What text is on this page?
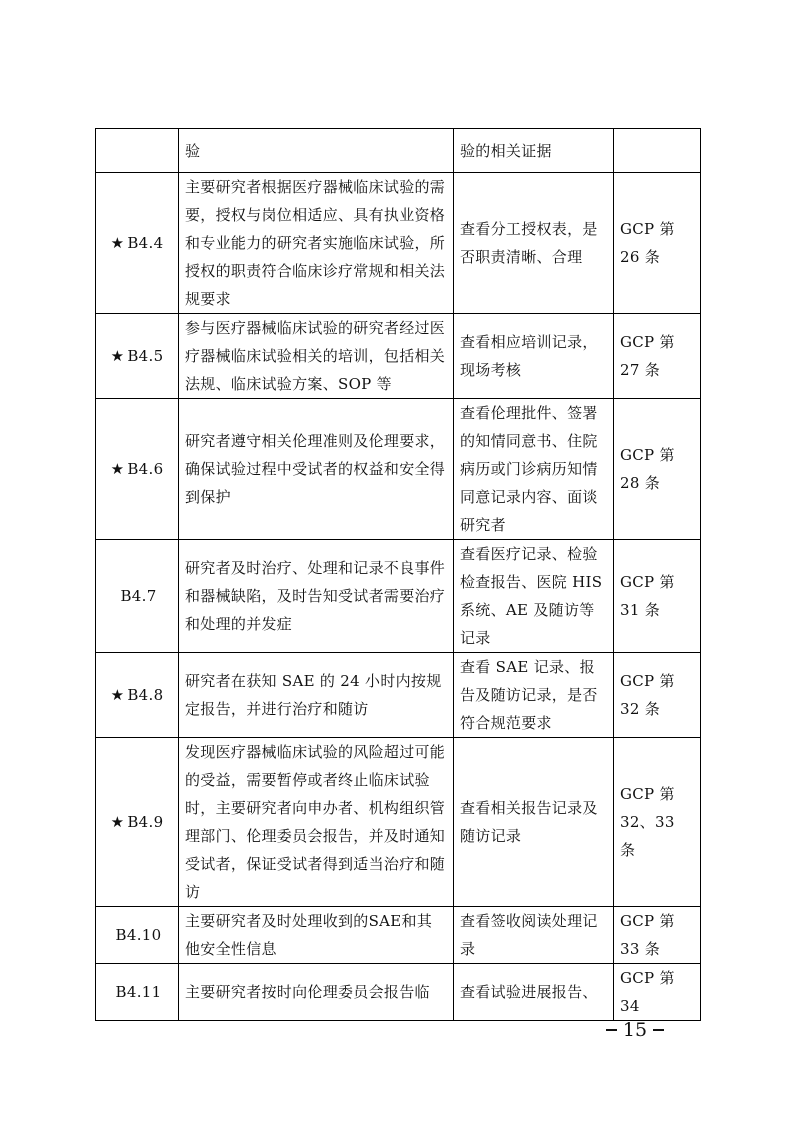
	验	验的相关证据	
★ B4.4	主要研究者根据医疗器械临床试验的需要，授权与岗位相适应、具有执业资格和专业能力的研究者实施临床试验，所授权的职责符合临床诊疗常规和相关法规要求	查看分工授权表，是否职责清晰、合理	GCP 第 26 条
★ B4.5	参与医疗器械临床试验的研究者经过医疗器械临床试验相关的培训，包括相关法规、临床试验方案、SOP 等	查看相应培训记录，现场考核	GCP 第 27 条
★ B4.6	研究者遵守相关伦理准则及伦理要求，确保试验过程中受试者的权益和安全得到保护	查看伦理批件、签署的知情同意书、住院病历或门诊病历知情同意记录内容、面谈研究者	GCP 第 28 条
B4.7	研究者及时治疗、处理和记录不良事件和器械缺陷，及时告知受试者需要治疗和处理的并发症	查看医疗记录、检验检查报告、医院 HIS 系统、AE 及随访等记录	GCP 第 31 条
★ B4.8	研究者在获知 SAE 的 24 小时内按规定报告，并进行治疗和随访	查看 SAE 记录、报告及随访记录，是否符合规范要求	GCP 第 32 条
★ B4.9	发现医疗器械临床试验的风险超过可能的受益，需要暂停或者终止临床试验时，主要研究者向申办者、机构组织管理部门、伦理委员会报告，并及时通知受试者，保证受试者得到适当治疗和随访	查看相关报告记录及随访记录	GCP 第 32、33 条
B4.10	主要研究者及时处理收到的SAE和其他安全性信息	查看签收阅读处理记录	GCP 第 33 条
B4.11	主要研究者按时向伦理委员会报告临	查看试验进展报告、	GCP 第 34
15
